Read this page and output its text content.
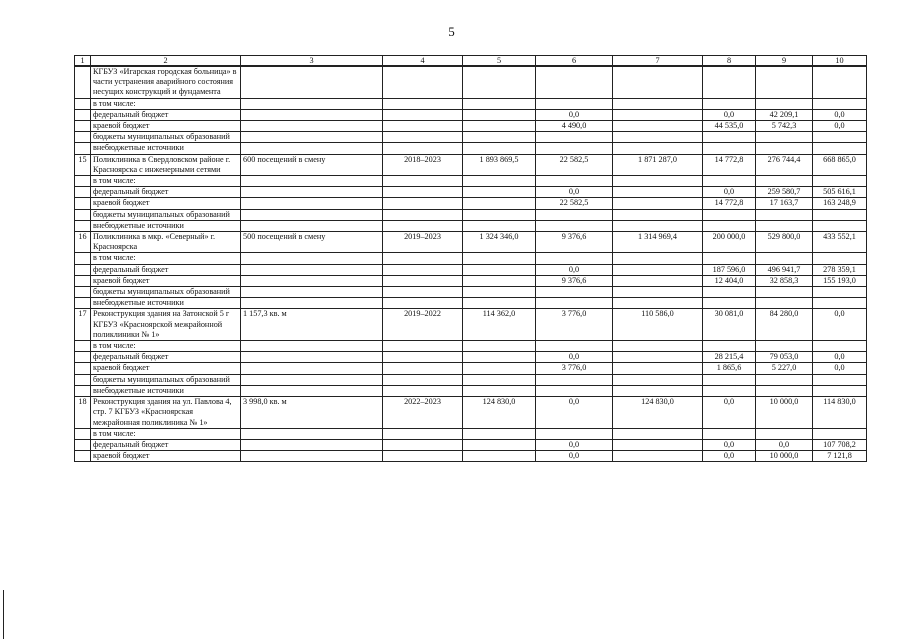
5
1	2	3	4	5	6	7	8	9	10
	КГБУЗ «Игарская городская больница» в части устранения аварийного состояния несущих конструкций и фундамента								
	в том числе:								
	федеральный бюджет				0,0		0,0	42 209,1	0,0
	краевой бюджет				4 490,0		44 535,0	5 742,3	0,0
	бюджеты муниципальных образований								
	внебюджетные источники								
15	Поликлиника в Свердловском районе г. Красноярска с инженерными сетями	600 посещений в смену	2018–2023	1 893 869,5	22 582,5	1 871 287,0	14 772,8	276 744,4	668 865,0
	в том числе:								
	федеральный бюджет				0,0		0,0	259 580,7	505 616,1
	краевой бюджет				22 582,5		14 772,8	17 163,7	163 248,9
	бюджеты муниципальных образований								
	внебюджетные источники								
16	Поликлиника в мкр. «Северный» г. Красноярска	500 посещений в смену	2019–2023	1 324 346,0	9 376,6	1 314 969,4	200 000,0	529 800,0	433 552,1
	в том числе:								
	федеральный бюджет				0,0		187 596,0	496 941,7	278 359,1
	краевой бюджет				9 376,6		12 404,0	32 858,3	155 193,0
	бюджеты муниципальных образований								
	внебюджетные источники								
17	Реконструкция здания на Затонской 5 г КГБУЗ «Красноярской межрайонной поликлиники № 1»	1 157,3 кв. м	2019–2022	114 362,0	3 776,0	110 586,0	30 081,0	84 280,0	0,0
	в том числе:								
	федеральный бюджет				0,0		28 215,4	79 053,0	0,0
	краевой бюджет				3 776,0		1 865,6	5 227,0	0,0
	бюджеты муниципальных образований								
	внебюджетные источники								
18	Реконструкция здания на ул. Павлова 4, стр. 7 КГБУЗ «Красноярская межрайонная поликлиника № 1»	3 998,0 кв. м	2022–2023	124 830,0	0,0	124 830,0	0,0	10 000,0	114 830,0
	в том числе:								
	федеральный бюджет				0,0		0,0	0,0	107 708,2
	краевой бюджет				0,0		0,0	10 000,0	7 121,8
